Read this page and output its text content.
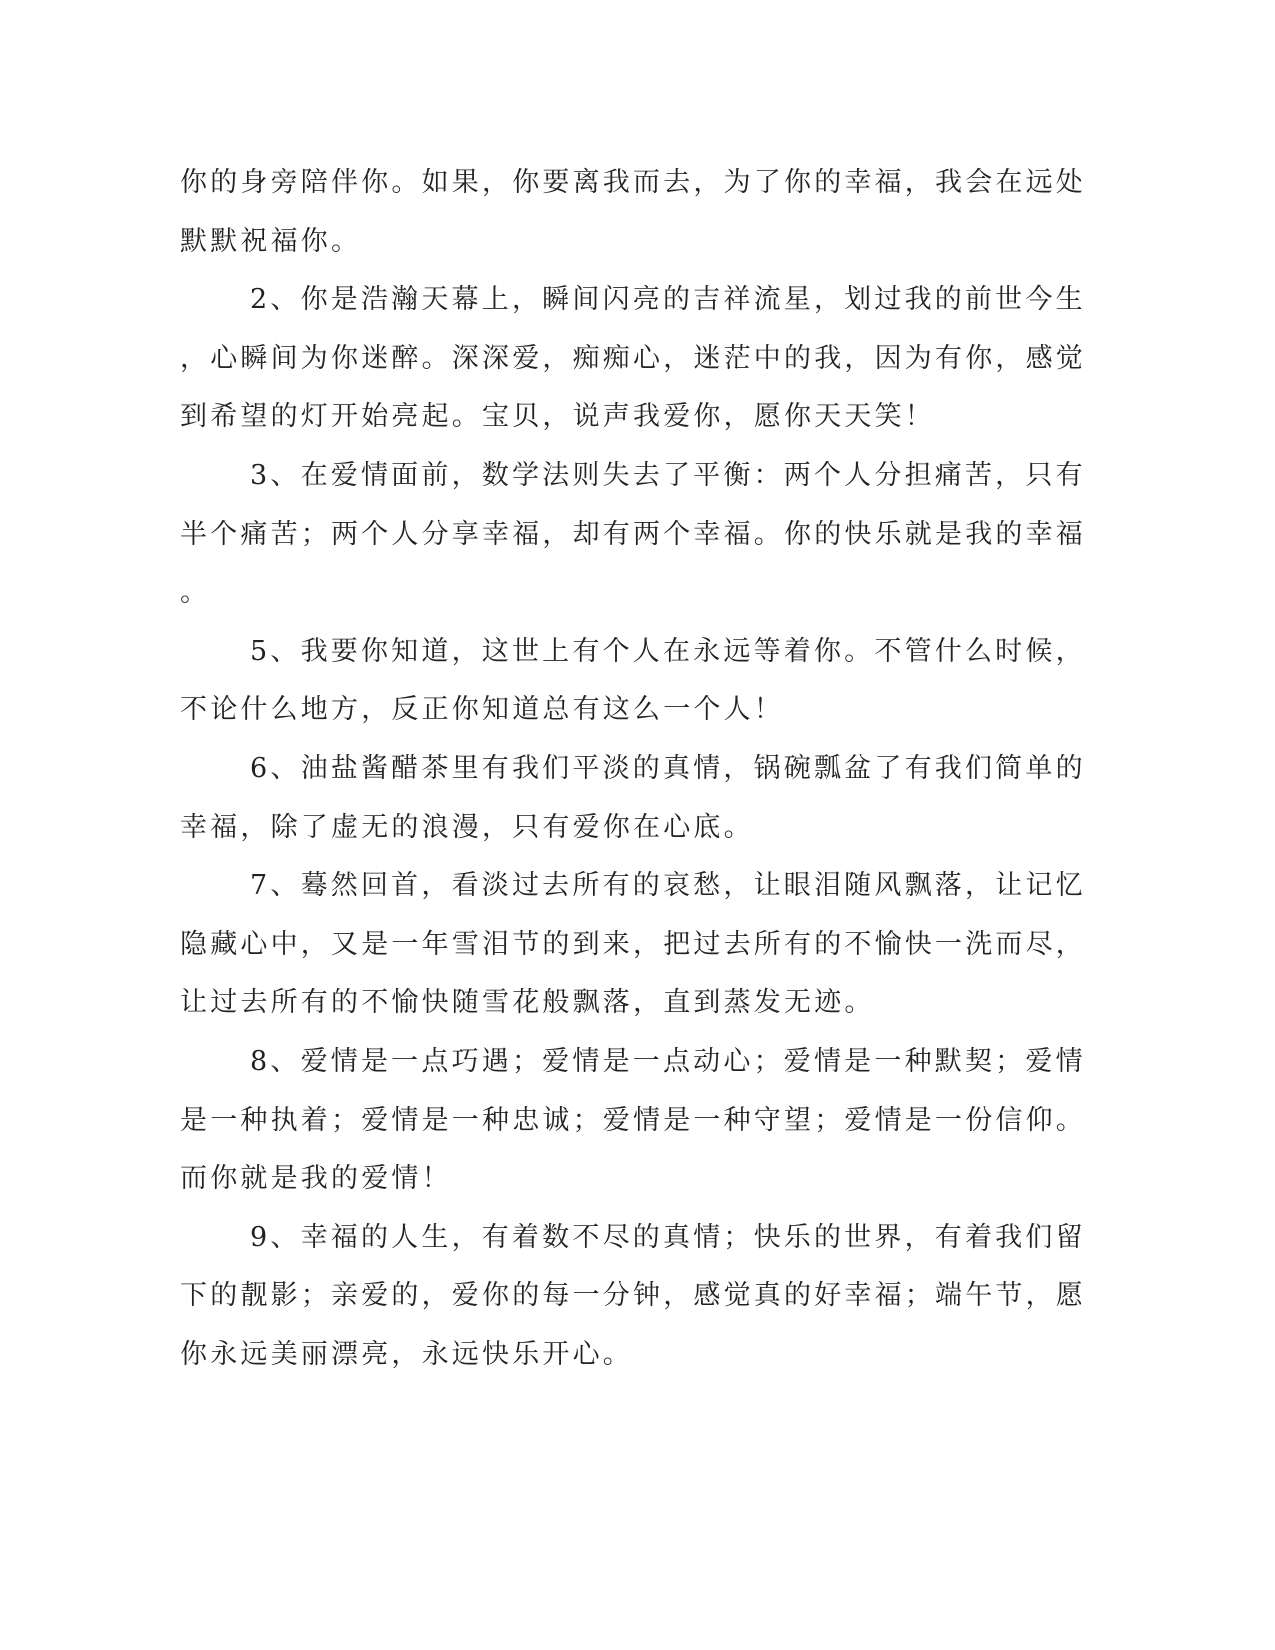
你的身旁陪伴你。如果，你要离我而去，为了你的幸福，我会在远处
默默祝福你。

2、你是浩瀚天幕上，瞬间闪亮的吉祥流星，划过我的前世今生
，心瞬间为你迷醉。深深爱，痴痴心，迷茫中的我，因为有你，感觉
到希望的灯开始亮起。宝贝，说声我爱你，愿你天天笑！

3、在爱情面前，数学法则失去了平衡：两个人分担痛苦，只有
半个痛苦；两个人分享幸福，却有两个幸福。你的快乐就是我的幸福
。

5、我要你知道，这世上有个人在永远等着你。不管什么时候，
不论什么地方，反正你知道总有这么一个人！

6、油盐酱醋茶里有我们平淡的真情，锅碗瓢盆了有我们简单的
幸福，除了虚无的浪漫，只有爱你在心底。

7、蓦然回首，看淡过去所有的哀愁，让眼泪随风飘落，让记忆
隐藏心中，又是一年雪泪节的到来，把过去所有的不愉快一洗而尽，
让过去所有的不愉快随雪花般飘落，直到蒸发无迹。

8、爱情是一点巧遇；爱情是一点动心；爱情是一种默契；爱情
是一种执着；爱情是一种忠诚；爱情是一种守望；爱情是一份信仰。
而你就是我的爱情！

9、幸福的人生，有着数不尽的真情；快乐的世界，有着我们留
下的靓影；亲爱的，爱你的每一分钟，感觉真的好幸福；端午节，愿
你永远美丽漂亮，永远快乐开心。
